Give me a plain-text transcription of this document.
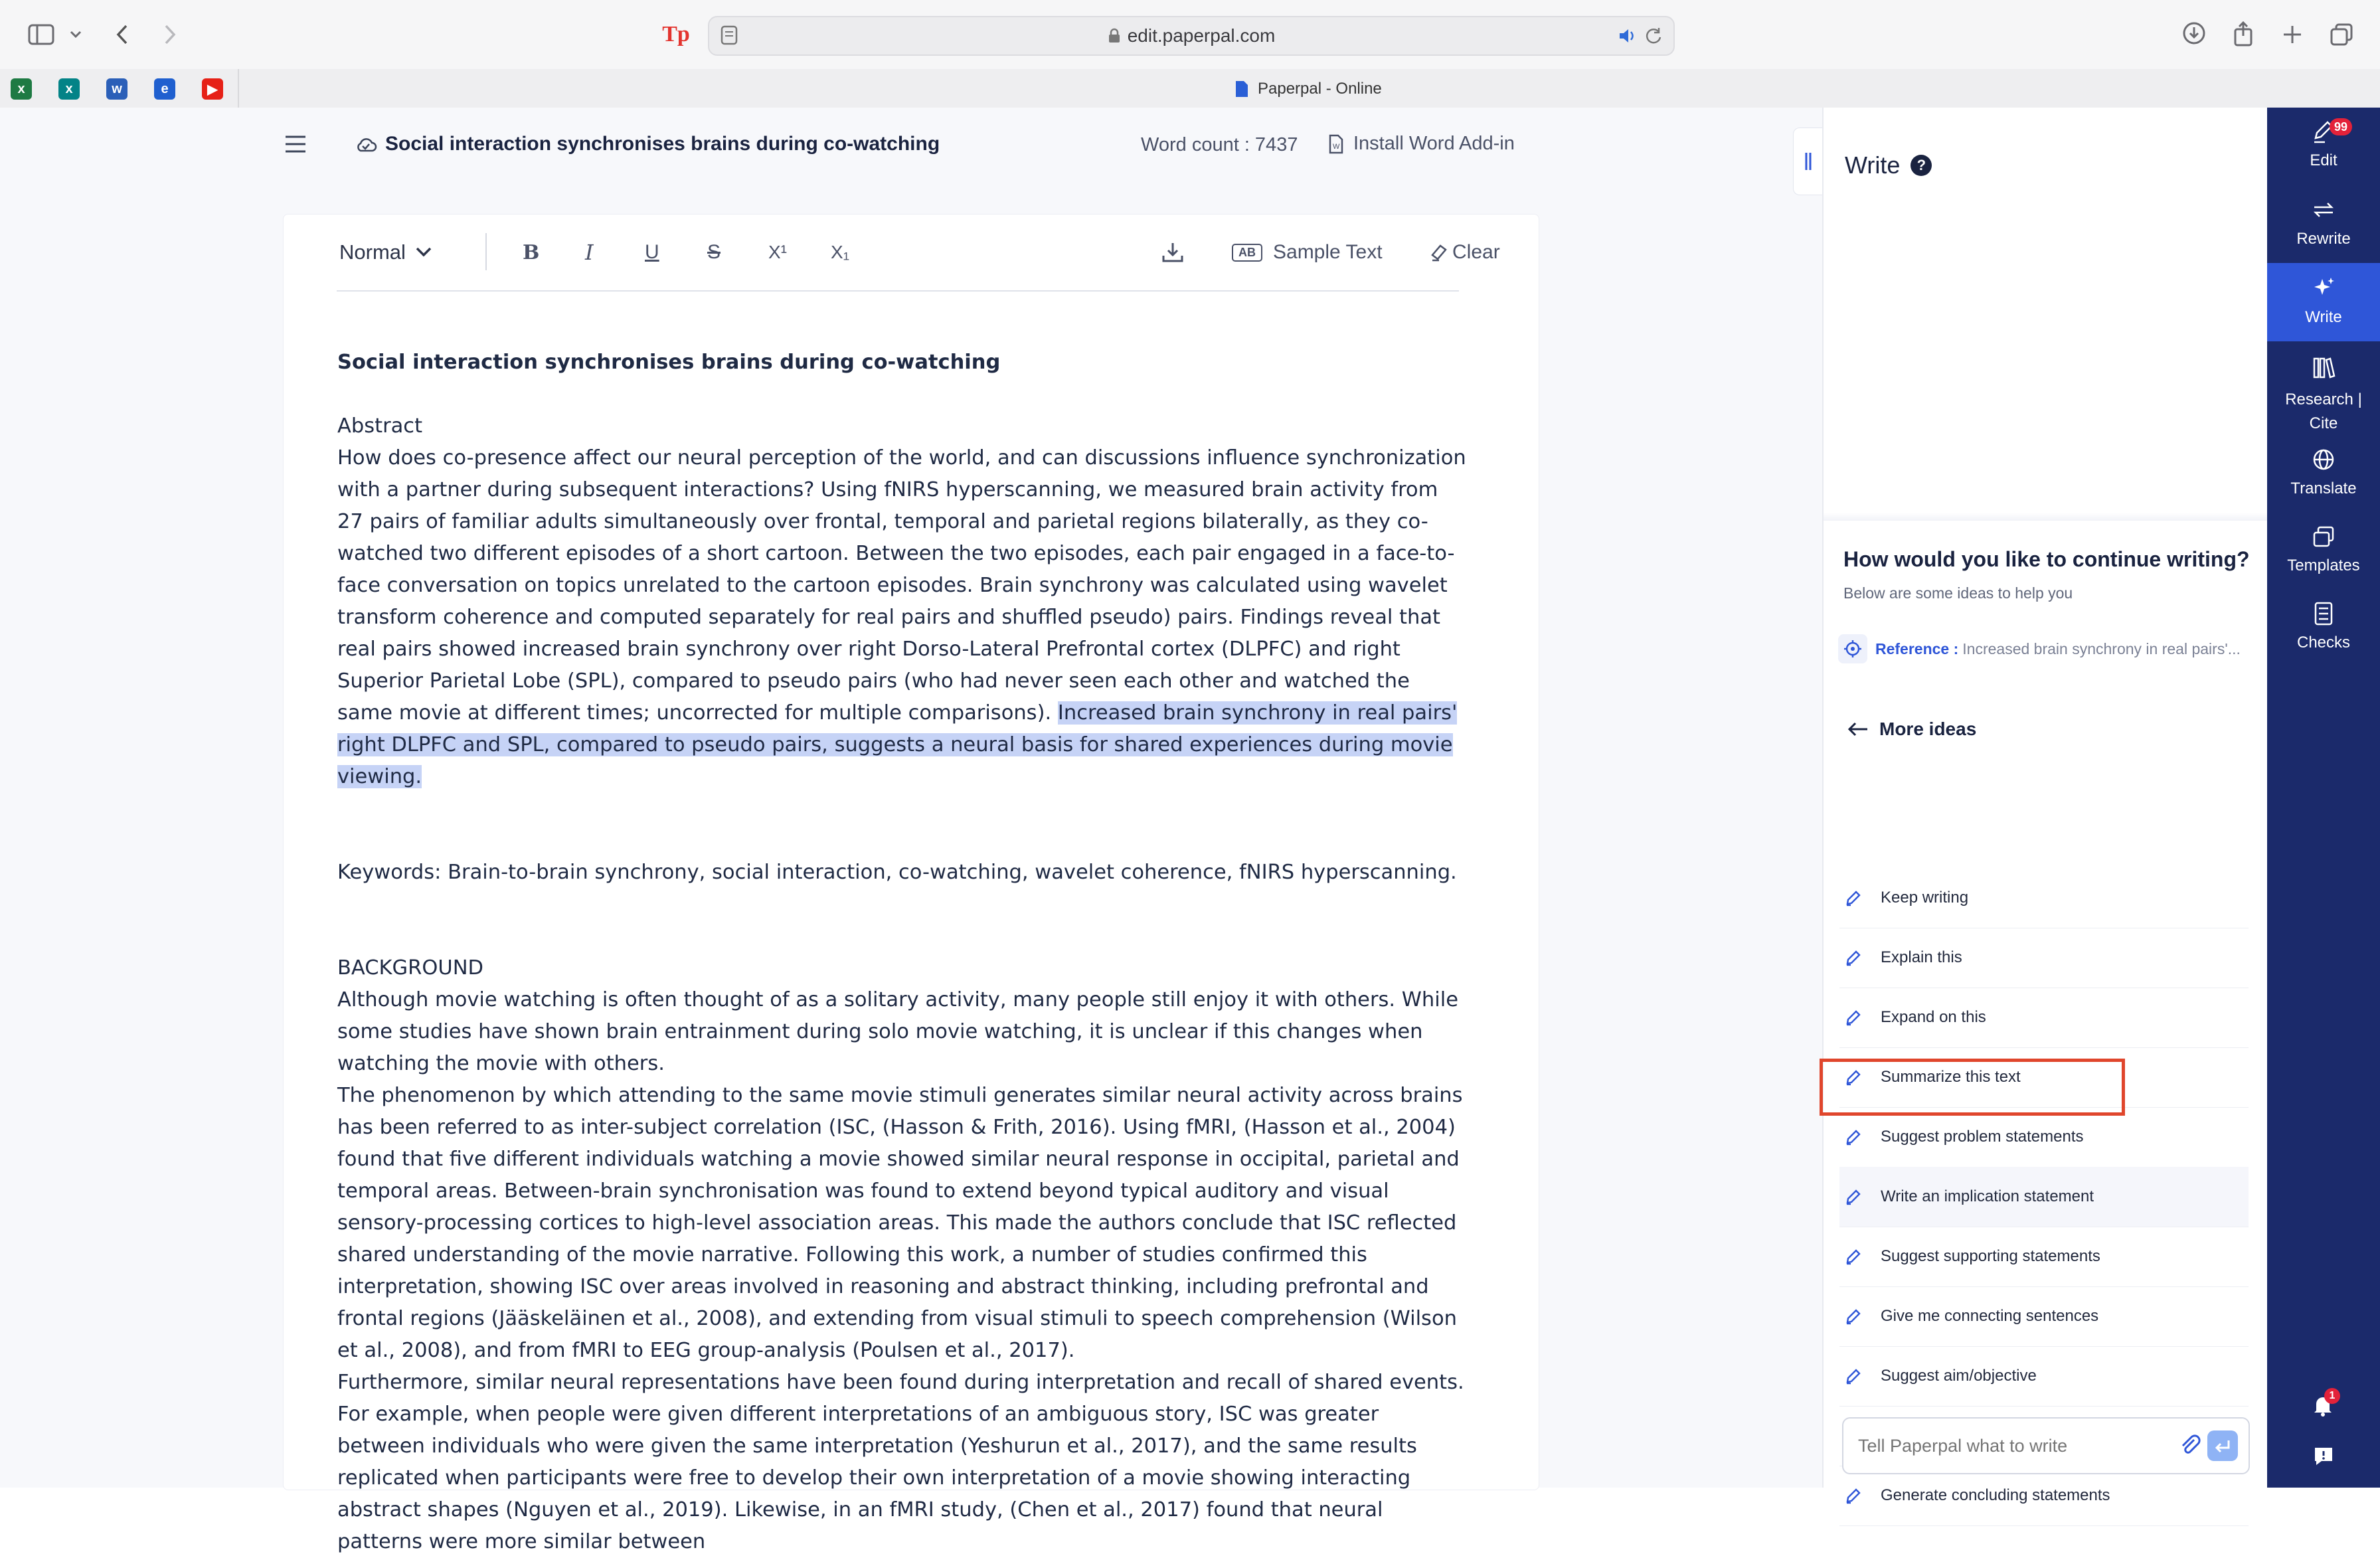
Tp	edit.paperpal.com
x	x	w	e	▶	Paperpal - Online
Social interaction synchronises brains during co-watching	Word count : 7437	W Install Word Add-in
Normal	B I	U S	X¹ X₁	AB Sample Text	Clear

Social interaction synchronises brains during co-watching

Abstract

How does co-presence affect our neural perception of the world, and can discussions influence synchronization with a partner during subsequent interactions? Using fNIRS hyperscanning, we measured brain activity from 27 pairs of familiar adults simultaneously over frontal, temporal and parietal regions bilaterally, as they co-watched two different episodes of a short cartoon. Between the two episodes, each pair engaged in a face-to-face conversation on topics unrelated to the cartoon episodes. Brain synchrony was calculated using wavelet transform coherence and computed separately for real pairs and shuffled pseudo) pairs. Findings reveal that real pairs showed increased brain synchrony over right Dorso-Lateral Prefrontal cortex (DLPFC) and right Superior Parietal Lobe (SPL), compared to pseudo pairs (who had never seen each other and watched the same movie at different times; uncorrected for multiple comparisons). Increased brain synchrony in real pairs' right DLPFC and SPL, compared to pseudo pairs, suggests a neural basis for shared experiences during movie viewing.

Keywords: Brain-to-brain synchrony, social interaction, co-watching, wavelet coherence, fNIRS hyperscanning.

BACKGROUND

Although movie watching is often thought of as a solitary activity, many people still enjoy it with others. While some studies have shown brain entrainment during solo movie watching, it is unclear if this changes when watching the movie with others.

The phenomenon by which attending to the same movie stimuli generates similar neural activity across brains has been referred to as inter-subject correlation (ISC, (Hasson & Frith, 2016). Using fMRI, (Hasson et al., 2004) found that five different individuals watching a movie showed similar neural response in occipital, parietal and temporal areas. Between-brain synchronisation was found to extend beyond typical auditory and visual sensory-processing cortices to high-level association areas. This made the authors conclude that ISC reflected shared understanding of the movie narrative. Following this work, a number of studies confirmed this interpretation, showing ISC over areas involved in reasoning and abstract thinking, including prefrontal and frontal regions (Jääskeläinen et al., 2008), and extending from visual stimuli to speech comprehension (Wilson et al., 2008), and from fMRI to EEG group-analysis (Poulsen et al., 2017).

Furthermore, similar neural representations have been found during interpretation and recall of shared events. For example, when people were given different interpretations of an ambiguous story, ISC was greater between individuals who were given the same interpretation (Yeshurun et al., 2017), and the same results replicated when participants were free to develop their own interpretation of a movie showing interacting abstract shapes (Nguyen et al., 2019). Likewise, in an fMRI study, (Chen et al., 2017) found that neural patterns were more similar between

Write	?
How would you like to continue writing?
Below are some ideas to help you
Reference : Increased brain synchrony in real pairs'...
More ideas
Keep writing
Explain this
Expand on this
Summarize this text
Suggest problem statements
Write an implication statement
Suggest supporting statements
Give me connecting sentences
Suggest aim/objective
Generate concluding statements
Tell Paperpal what to write
Edit
99
Rewrite
Write
Research |
Cite
Translate
Templates
Checks
1
